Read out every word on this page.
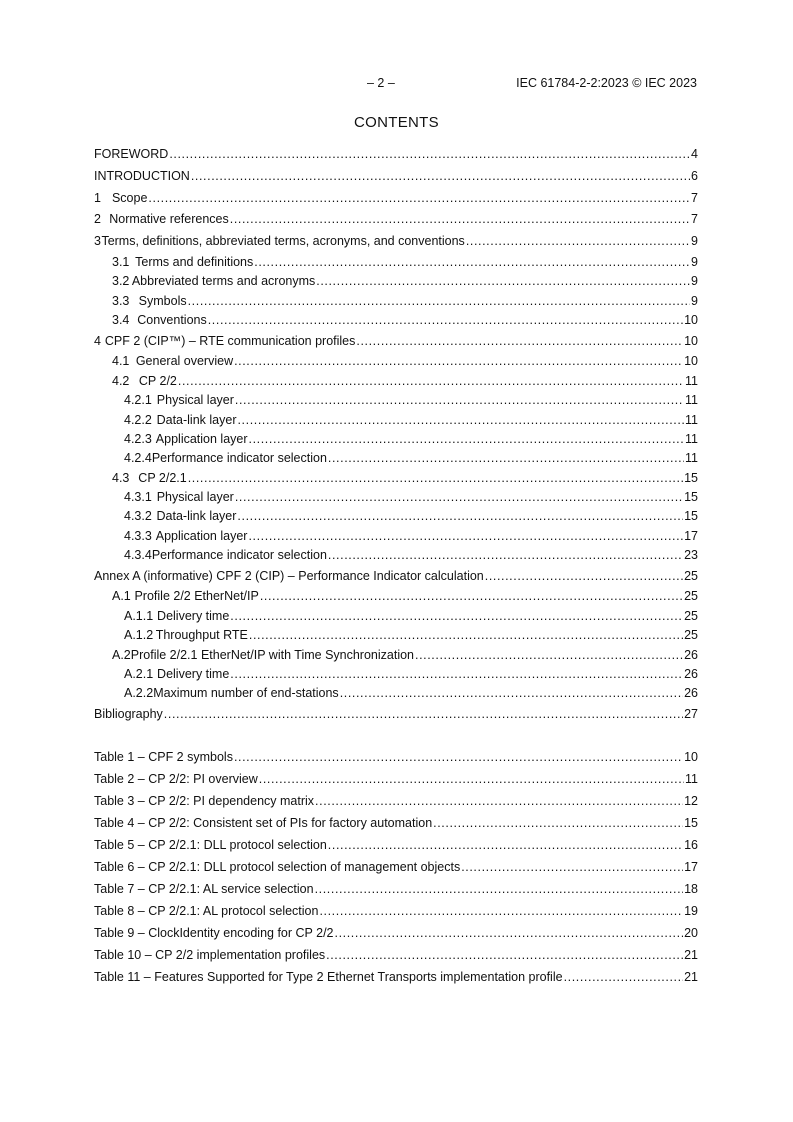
– 2 –	IEC 61784-2-2:2023 © IEC 2023
CONTENTS
FOREWORD .....	4
INTRODUCTION .....	6
1 Scope .....	7
2 Normative references .....	7
3 Terms, definitions, abbreviated terms, acronyms, and conventions .....	9
3.1 Terms and definitions .....	9
3.2 Abbreviated terms and acronyms .....	9
3.3 Symbols .....	9
3.4 Conventions .....	10
4 CPF 2 (CIP™) – RTE communication profiles .....	10
4.1 General overview .....	10
4.2 CP 2/2 .....	11
4.2.1 Physical layer .....	11
4.2.2 Data-link layer .....	11
4.2.3 Application layer .....	11
4.2.4 Performance indicator selection .....	11
4.3 CP 2/2.1 .....	15
4.3.1 Physical layer .....	15
4.3.2 Data-link layer .....	15
4.3.3 Application layer .....	17
4.3.4 Performance indicator selection .....	23
Annex A (informative) CPF 2 (CIP) – Performance Indicator calculation .....	25
A.1 Profile 2/2 EtherNet/IP .....	25
A.1.1 Delivery time .....	25
A.1.2 Throughput RTE .....	25
A.2 Profile 2/2.1 EtherNet/IP with Time Synchronization .....	26
A.2.1 Delivery time .....	26
A.2.2 Maximum number of end-stations .....	26
Bibliography .....	27
Table 1 – CPF 2 symbols .....	10
Table 2 – CP 2/2: PI overview .....	11
Table 3 – CP 2/2: PI dependency matrix .....	12
Table 4 – CP 2/2: Consistent set of PIs for factory automation .....	15
Table 5 – CP 2/2.1: DLL protocol selection .....	16
Table 6 – CP 2/2.1: DLL protocol selection of management objects .....	17
Table 7 – CP 2/2.1: AL service selection .....	18
Table 8 – CP 2/2.1: AL protocol selection .....	19
Table 9 – ClockIdentity encoding for CP 2/2 .....	20
Table 10 – CP 2/2 implementation profiles .....	21
Table 11 – Features Supported for Type 2 Ethernet Transports implementation profile .....	21
